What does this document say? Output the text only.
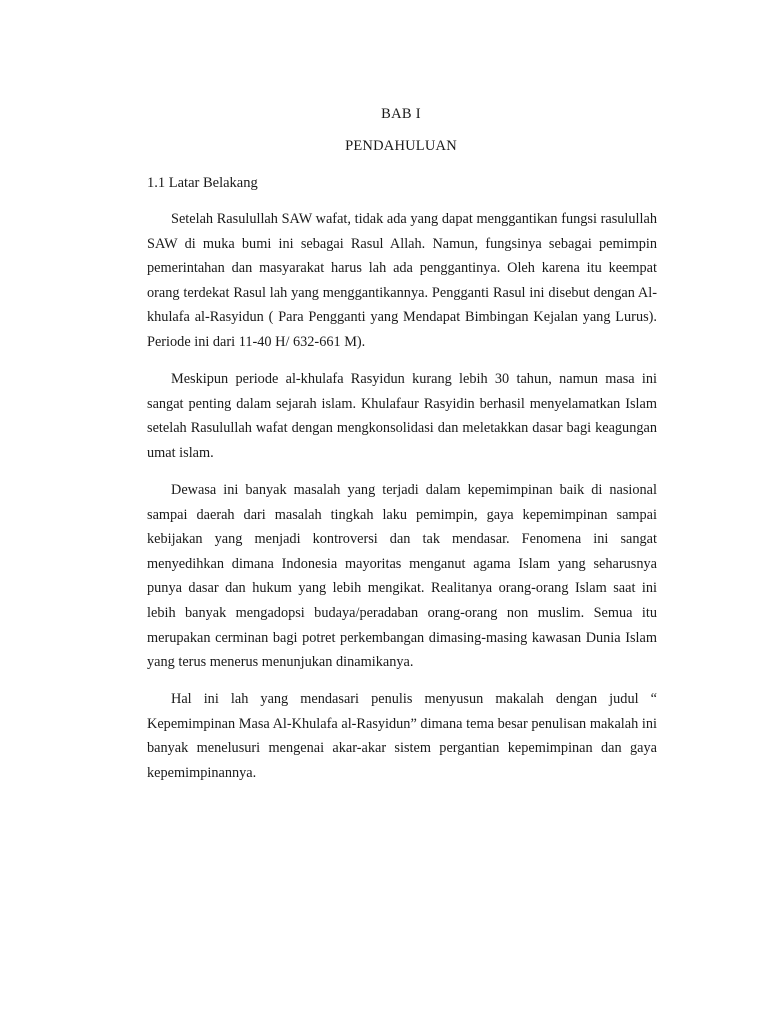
BAB I
PENDAHULUAN
1.1 Latar Belakang

Setelah Rasulullah SAW wafat, tidak ada yang dapat menggantikan fungsi rasulullah SAW di muka bumi ini sebagai Rasul Allah. Namun, fungsinya sebagai pemimpin pemerintahan dan masyarakat harus lah ada penggantinya. Oleh karena itu keempat orang terdekat Rasul lah yang menggantikannya. Pengganti Rasul ini disebut dengan Al-khulafa al-Rasyidun ( Para Pengganti yang Mendapat Bimbingan Kejalan yang Lurus). Periode ini dari 11-40 H/ 632-661 M).

Meskipun periode al-khulafa Rasyidun kurang lebih 30 tahun, namun masa ini sangat penting dalam sejarah islam. Khulafaur Rasyidin berhasil menyelamatkan Islam setelah Rasulullah wafat dengan mengkonsolidasi dan meletakkan dasar bagi keagungan umat islam.

Dewasa ini banyak masalah yang terjadi dalam kepemimpinan baik di nasional sampai daerah dari masalah tingkah laku pemimpin, gaya kepemimpinan sampai kebijakan yang menjadi kontroversi dan tak mendasar. Fenomena ini sangat menyedihkan dimana Indonesia mayoritas menganut agama Islam yang seharusnya punya dasar dan hukum yang lebih mengikat. Realitanya orang-orang Islam saat ini lebih banyak mengadopsi budaya/peradaban orang-orang non muslim. Semua itu merupakan cerminan bagi potret perkembangan dimasing-masing kawasan Dunia Islam yang terus menerus menunjukan dinamikanya.

Hal ini lah yang mendasari penulis menyusun makalah dengan judul “ Kepemimpinan Masa Al-Khulafa al-Rasyidun” dimana tema besar penulisan makalah ini banyak menelusuri mengenai akar-akar sistem pergantian kepemimpinan dan gaya kepemimpinannya.
